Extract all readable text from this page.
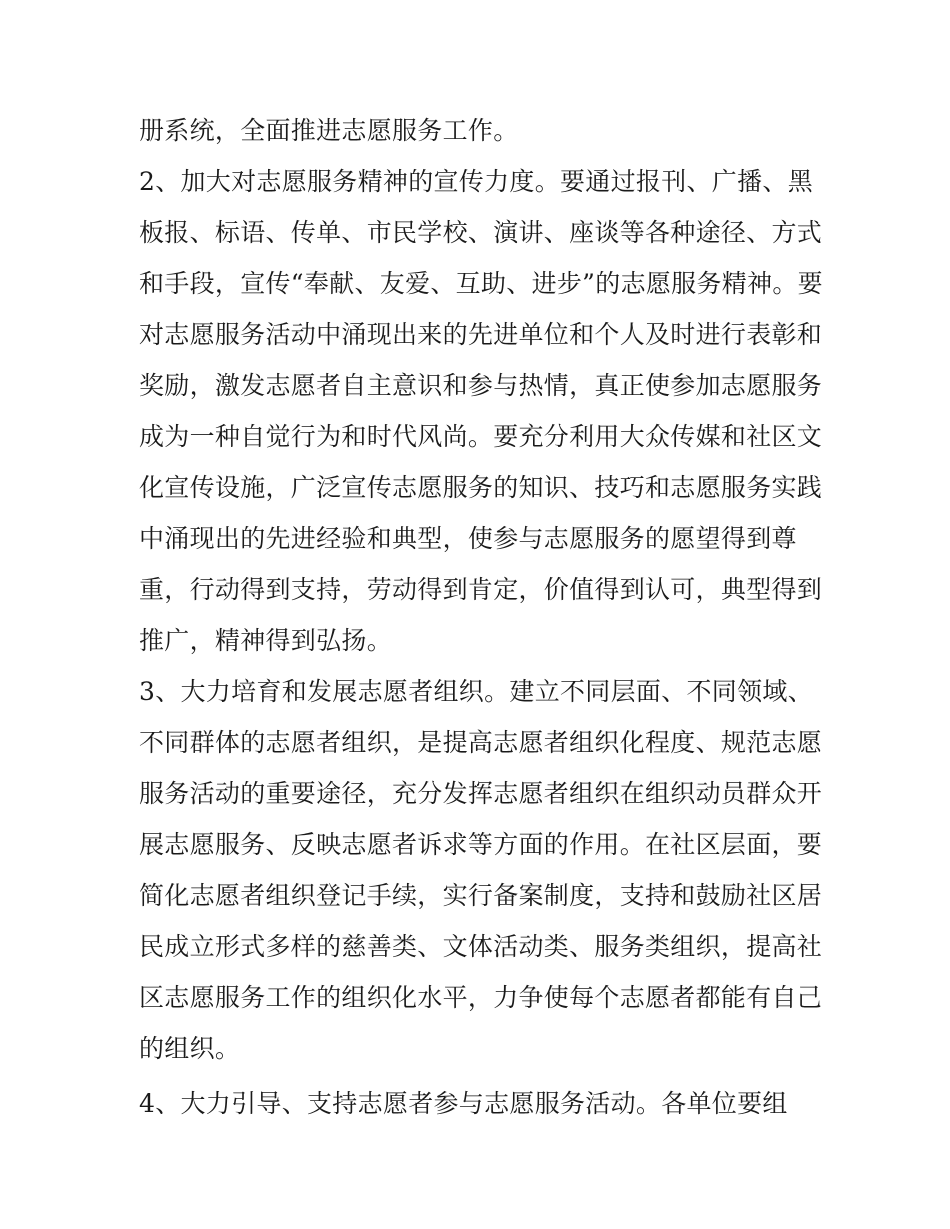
册系统，全面推进志愿服务工作。
2、加大对志愿服务精神的宣传力度。要通过报刊、广播、黑
板报、标语、传单、市民学校、演讲、座谈等各种途径、方式
和手段，宣传“奉献、友爱、互助、进步”的志愿服务精神。要
对志愿服务活动中涌现出来的先进单位和个人及时进行表彰和
奖励，激发志愿者自主意识和参与热情，真正使参加志愿服务
成为一种自觉行为和时代风尚。要充分利用大众传媒和社区文
化宣传设施，广泛宣传志愿服务的知识、技巧和志愿服务实践
中涌现出的先进经验和典型，使参与志愿服务的愿望得到尊
重，行动得到支持，劳动得到肯定，价值得到认可，典型得到
推广，精神得到弘扬。
3、大力培育和发展志愿者组织。建立不同层面、不同领域、
不同群体的志愿者组织，是提高志愿者组织化程度、规范志愿
服务活动的重要途径，充分发挥志愿者组织在组织动员群众开
展志愿服务、反映志愿者诉求等方面的作用。在社区层面，要
简化志愿者组织登记手续，实行备案制度，支持和鼓励社区居
民成立形式多样的慈善类、文体活动类、服务类组织，提高社
区志愿服务工作的组织化水平，力争使每个志愿者都能有自己
的组织。
4、大力引导、支持志愿者参与志愿服务活动。各单位要组
